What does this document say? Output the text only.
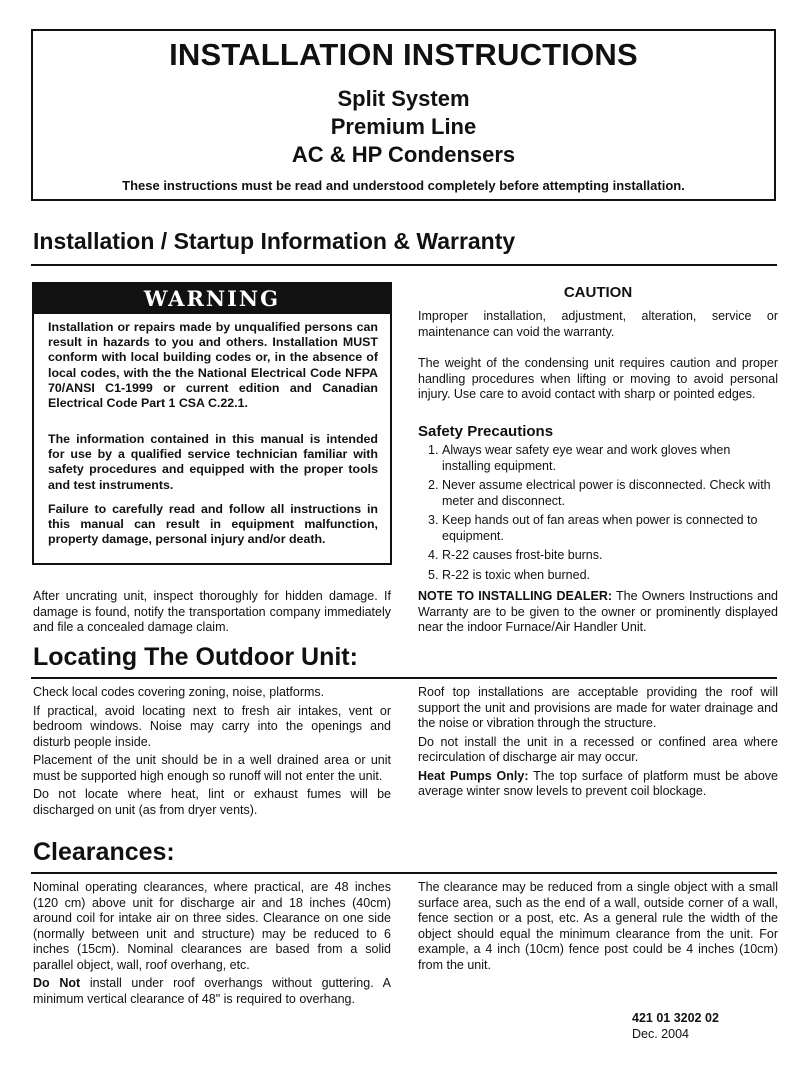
INSTALLATION INSTRUCTIONS
Split System
Premium Line
AC & HP Condensers
These instructions must be read and understood completely before attempting installation.
Installation / Startup Information & Warranty
WARNING
Installation or repairs made by unqualified persons can result in hazards to you and others. Installation MUST conform with local building codes or, in the absence of local codes, with the the National Electrical Code NFPA 70/ANSI C1-1999 or current edition and Canadian Electrical Code Part 1 CSA C.22.1.
The information contained in this manual is intended for use by a qualified service technician familiar with safety procedures and equipped with the proper tools and test instruments.
Failure to carefully read and follow all instructions in this manual can result in equipment malfunction, property damage, personal injury and/or death.
After uncrating unit, inspect thoroughly for hidden damage. If damage is found, notify the transportation company immediately and file a concealed damage claim.
CAUTION
Improper installation, adjustment, alteration, service or maintenance can void the warranty.
The weight of the condensing unit requires caution and proper handling procedures when lifting or moving to avoid personal injury. Use care to avoid contact with sharp or pointed edges.
Safety Precautions
1. Always wear safety eye wear and work gloves when installing equipment.
2. Never assume electrical power is disconnected. Check with meter and disconnect.
3. Keep hands out of fan areas when power is connected to equipment.
4. R-22 causes frost-bite burns.
5. R-22 is toxic when burned.
NOTE TO INSTALLING DEALER: The Owners Instructions and Warranty are to be given to the owner or prominently displayed near the indoor Furnace/Air Handler Unit.
Locating The Outdoor Unit:

Check local codes covering zoning, noise, platforms.

If practical, avoid locating next to fresh air intakes, vent or bedroom windows. Noise may carry into the openings and disturb people inside.

Placement of the unit should be in a well drained area or unit must be supported high enough so runoff will not enter the unit.

Do not locate where heat, lint or exhaust fumes will be discharged on unit (as from dryer vents).

Roof top installations are acceptable providing the roof will support the unit and provisions are made for water drainage and the noise or vibration through the structure.

Do not install the unit in a recessed or confined area where recirculation of discharge air may occur.

Heat Pumps Only: The top surface of platform must be above average winter snow levels to prevent coil blockage.

Clearances:

Nominal operating clearances, where practical, are 48 inches (120 cm) above unit for discharge air and 18 inches (40cm) around coil for intake air on three sides. Clearance on one side (normally between unit and structure) may be reduced to 6 inches (15cm). Nominal clearances are based from a solid parallel object, wall, roof overhang, etc.

Do Not install under roof overhangs without guttering. A minimum vertical clearance of 48" is required to overhang.

The clearance may be reduced from a single object with a small surface area, such as the end of a wall, outside corner of a wall, fence section or a post, etc. As a general rule the width of the object should equal the minimum clearance from the unit. For example, a 4 inch (10cm) fence post could be 4 inches (10cm) from the unit.

421 01 3202 02
Dec. 2004
